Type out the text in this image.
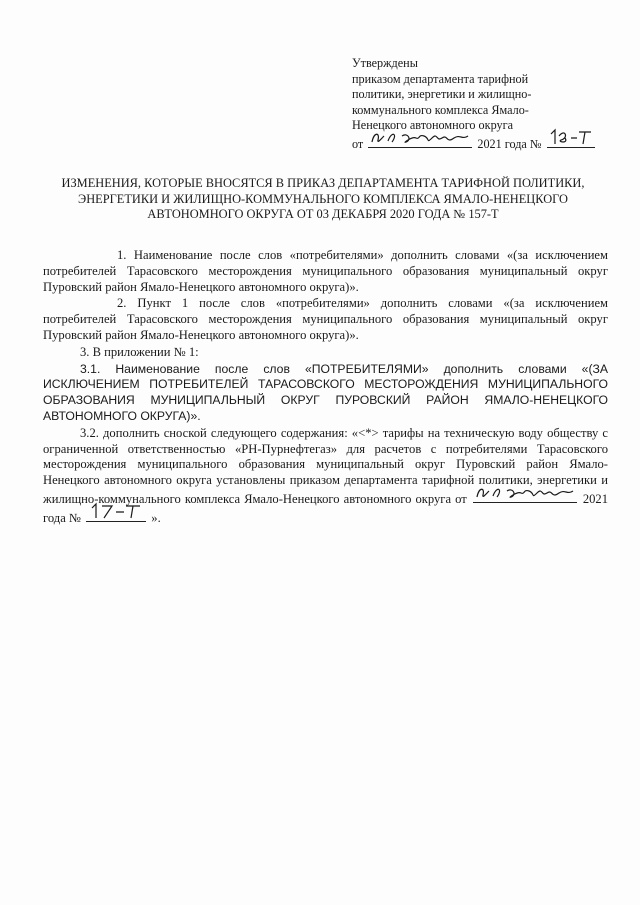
Утверждены
приказом департамента тарифной
политики, энергетики и жилищно-
коммунального комплекса Ямало-
Ненецкого автономного округа
от	2021 года №
ИЗМЕНЕНИЯ, КОТОРЫЕ ВНОСЯТСЯ В ПРИКАЗ ДЕПАРТАМЕНТА ТАРИФНОЙ ПОЛИТИКИ, ЭНЕРГЕТИКИ И ЖИЛИЩНО-КОММУНАЛЬНОГО КОМПЛЕКСА ЯМАЛО-НЕНЕЦКОГО АВТОНОМНОГО ОКРУГА ОТ 03 ДЕКАБРЯ 2020 ГОДА № 157-Т

1. Наименование после слов «потребителями» дополнить словами «(за исключением потребителей Тарасовского месторождения муниципального образования муниципальный округ Пуровский район Ямало-Ненецкого автономного округа)».

2. Пункт 1 после слов «потребителями» дополнить словами «(за исключением потребителей Тарасовского месторождения муниципального образования муниципальный округ Пуровский район Ямало-Ненецкого автономного округа)».

3. В приложении № 1:

3.1. Наименование после слов «ПОТРЕБИТЕЛЯМИ» дополнить словами «(ЗА ИСКЛЮЧЕНИЕМ ПОТРЕБИТЕЛЕЙ ТАРАСОВСКОГО МЕСТОРОЖДЕНИЯ МУНИЦИПАЛЬНОГО ОБРАЗОВАНИЯ МУНИЦИПАЛЬНЫЙ ОКРУГ ПУРОВСКИЙ РАЙОН ЯМАЛО-НЕНЕЦКОГО АВТОНОМНОГО ОКРУГА)».

3.2. дополнить сноской следующего содержания: «<*> тарифы на техническую воду обществу с ограниченной ответственностью «РН-Пурнефтегаз» для расчетов с потребителями Тарасовского месторождения муниципального образования муниципальный округ Пуровский район Ямало-Ненецкого автономного округа установлены приказом департамента тарифной политики, энергетики и жилищно-коммунального комплекса Ямало-Ненецкого автономного округа от	2021 года №	».
